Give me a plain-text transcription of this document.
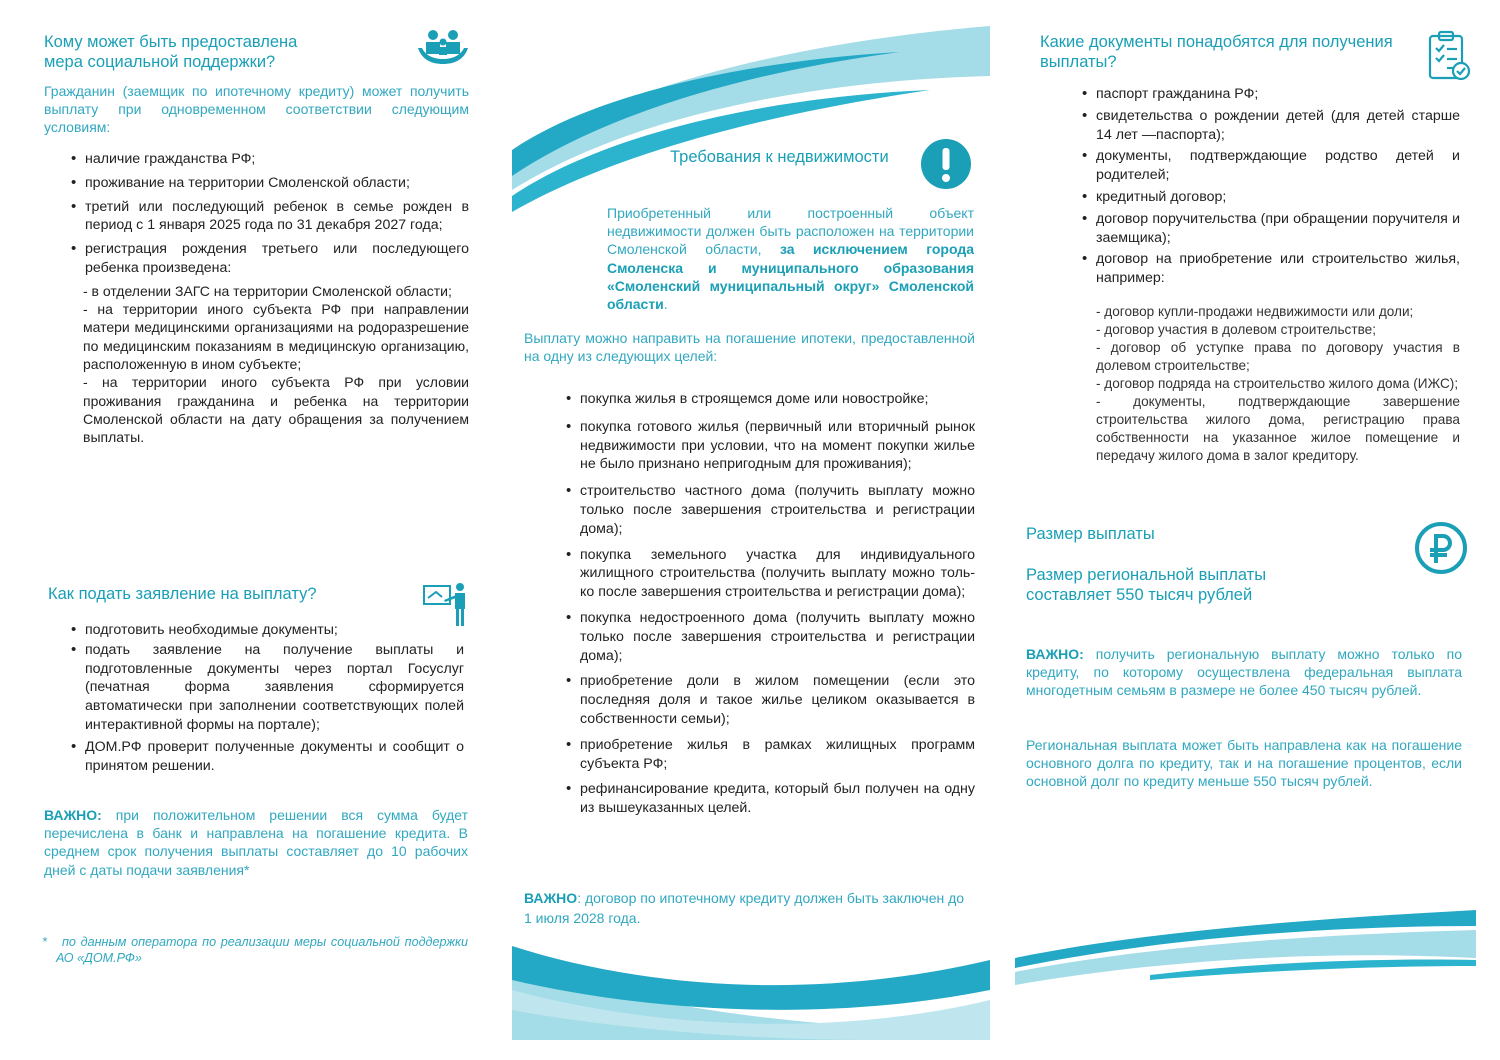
Кому может быть предоставлена мера социальной поддержки?

Гражданин (заемщик по ипотечному кредиту) может получить выплату при одновременном соответствии следующим условиям:

• наличие гражданства РФ;
• проживание на территории Смоленской области;
• третий или последующий ребенок в семье рожден в период с 1 января 2025 года по 31 декабря 2027 года;
• регистрация рождения третьего или последующего ребенка произведена:

- в отделении ЗАГС на территории Смоленской области;

- на территории иного субъекта РФ при направлении матери медицинскими организациями на родоразрешение по медицинским показаниям в медицинскую организацию, расположенную в ином субъекте;

- на территории иного субъекта РФ при условии проживания гражданина и ребенка на территории Смоленской области на дату обращения за получением выплаты.

Как подать заявление на выплату?
• подготовить необходимые документы;
• подать заявление на получение выплаты и подготовленные документы через портал Госуслуг (печатная форма заявления сформируется автоматически при заполнении соответствующих полей интерактивной формы на портале);
• ДОМ.РФ проверит полученные документы и сообщит о принятом решении.

ВАЖНО: при положительном решении вся сумма будет перечислена в банк и направлена на погашение кредита. В среднем срок получения выплаты составляет до 10 рабочих дней с даты подачи заявления*

*	по данным оператора по реализации меры социальной поддержки АО «ДОМ.РФ»

Требования к недвижимости

Приобретенный или построенный объект недвижимости должен быть расположен на территории Смоленской области, за исключением города Смоленска и муниципального образования «Смоленский муниципальный округ» Смоленской области.

Выплату можно направить на погашение ипотеки, предоставленной на одну из следующих целей:

• покупка жилья в строящемся доме или новостройке;
• покупка готового жилья (первичный или вторичный рынок недвижимости при условии, что на момент покупки жилье не было признано непригодным для проживания);
• строительство частного дома (получить выплату можно только после завершения строительства и регистрации дома);
• покупка земельного участка для индивидуального жилищного строительства (получить выплату можно толь-ко после завершения строительства и регистрации дома);
• покупка недостроенного дома (получить выплату можно только после завершения строительства и регистрации дома);
• приобретение доли в жилом помещении (если это последняя доля и такое жилье целиком оказывается в собственности семьи);
• приобретение жилья в рамках жилищных программ субъекта РФ;
• рефинансирование кредита, который был получен на одну из вышеуказанных целей.

ВАЖНО: договор по ипотечному кредиту должен быть заключен до 1 июля 2028 года.

Какие документы понадобятся для получения выплаты?
• паспорт гражданина РФ;
• свидетельства о рождении детей (для детей старше 14 лет —паспорта);
• документы, подтверждающие родство детей и родителей;
• кредитный договор;
• договор поручительства (при обращении поручителя и заемщика);
• договор на приобретение или строительство жилья, например:

- договор купли-продажи недвижимости или доли;

- договор участия в долевом строительстве;

- договор об уступке права по договору участия в долевом строительстве;

- договор подряда на строительство жилого дома (ИЖС);

- документы, подтверждающие завершение строительства жилого дома, регистрацию права собственности на указанное жилое помещение и передачу жилого дома в залог кредитору.

Размер выплаты

Размер региональной выплаты

составляет 550 тысяч рублей

ВАЖНО: получить региональную выплату можно только по кредиту, по которому осуществлена федеральная выплата многодетным семьям в размере не более 450 тысяч рублей.

Региональная выплата может быть направлена как на погашение основного долга по кредиту, так и на погашение процентов, если основной долг по кредиту меньше 550 тысяч рублей.
